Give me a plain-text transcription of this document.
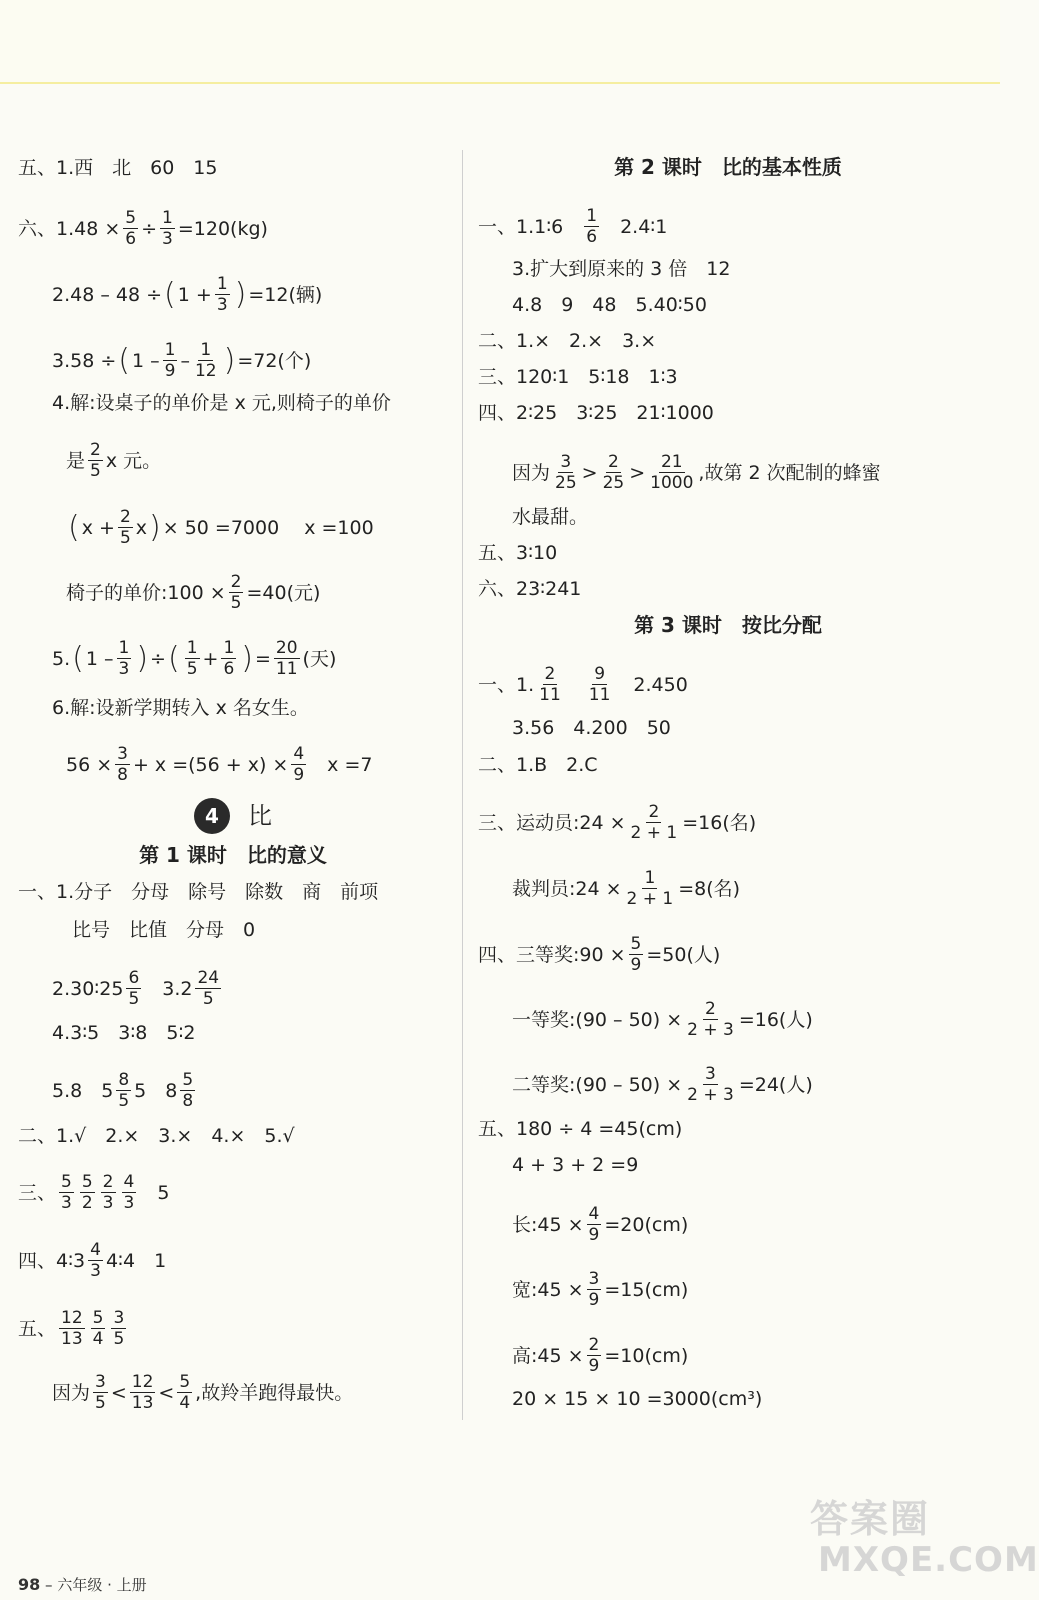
五、1.西　北　60　15
六、$1.48 \times \frac{5}{6} \div \frac{1}{3} =120(kg)$
2.48 – 48 ÷ ( $1 + \frac{1}{3}$ ) =12(辆)
3.58 ÷ ( $1 - \frac{1}{9} - \frac{1}{12}$ ) =72(个)
4.解:设桌子的单价是 x 元,则椅子的单价
是 $\frac{2}{5}$ x 元。
( $x + \frac{2}{5}$ x ) × 50 =7000　 x =100
椅子的单价:100 × $\frac{2}{5} =40$(元)
5. ( $1 - \frac{1}{3}$ ) ÷ ( $\frac{1}{5} + \frac{1}{6}$ ) = $\frac{20}{11}$ (天)
6.解:设新学期转入 x 名女生。
$56 \times \frac{3}{8} + x =(56 + x) \times \frac{4}{9}$ x =7
4	比
第 1 课时　比的意义
一、1.分子　分母　除号　除数　商　前项
比号　比值　分母　0
2.30∶25 $\frac{6}{5} 3.2 \frac{24}{5}$
4.3∶5　3∶8　5∶2
5.8　$5 \frac{8}{5} 5$　$8 \frac{5}{8}$
二、1.√　2.×　3.×　4.×　5.√
三、 $\frac{5}{3} \frac{5}{2} \frac{2}{3} \frac{4}{3} 5$
四、4∶3 $\frac{4}{3}$ 4∶4　1
五、 $\frac{12}{13} \frac{5}{4} \frac{3}{5}$
因为 $\frac{3}{5} < \frac{12}{13} < \frac{5}{4}$ ,故羚羊跑得最快。
98 – 六年级 · 上册
第 2 课时　比的基本性质
一、1.1∶6 $\frac{1}{6}$ 2.4∶1
3.扩大到原来的 3 倍　12
4.8　9　48　5.40∶50
二、1.×　2.×　3.×
三、120∶1　5∶18　1∶3
四、2∶25　3∶25　21∶1000
因为 $\frac{3}{25} > \frac{2}{25} > \frac{21}{1000}$ ,故第 2 次配制的蜂蜜
水最甜。
五、3∶10
六、23∶241
第 3 课时　按比分配
一、1. $\frac{2}{11} \frac{9}{11} 2.450$
3.56　4.200　50
二、1.B　2.C
三、运动员:24 × $\frac{2}{2 + 1} =16$(名)
裁判员:24 × $\frac{1}{2 + 1} =8$(名)
四、三等奖:90 × $\frac{5}{9} =50$(人)
一等奖:(90 – $50) \times \frac{2}{2 + 3} =16$(人)
二等奖:(90 – $50) \times \frac{3}{2 + 3} =24$(人)
五、180 ÷ 4 =45(cm)
4 + 3 + 2 =9
长:45 × $\frac{4}{9} =20(cm)$
宽:45 × $\frac{3}{9} =15(cm)$
高:45 × $\frac{2}{9} =10(cm)$
20 × 15 × 10 =3000(cm³)
答案圈
MXQE.COM
